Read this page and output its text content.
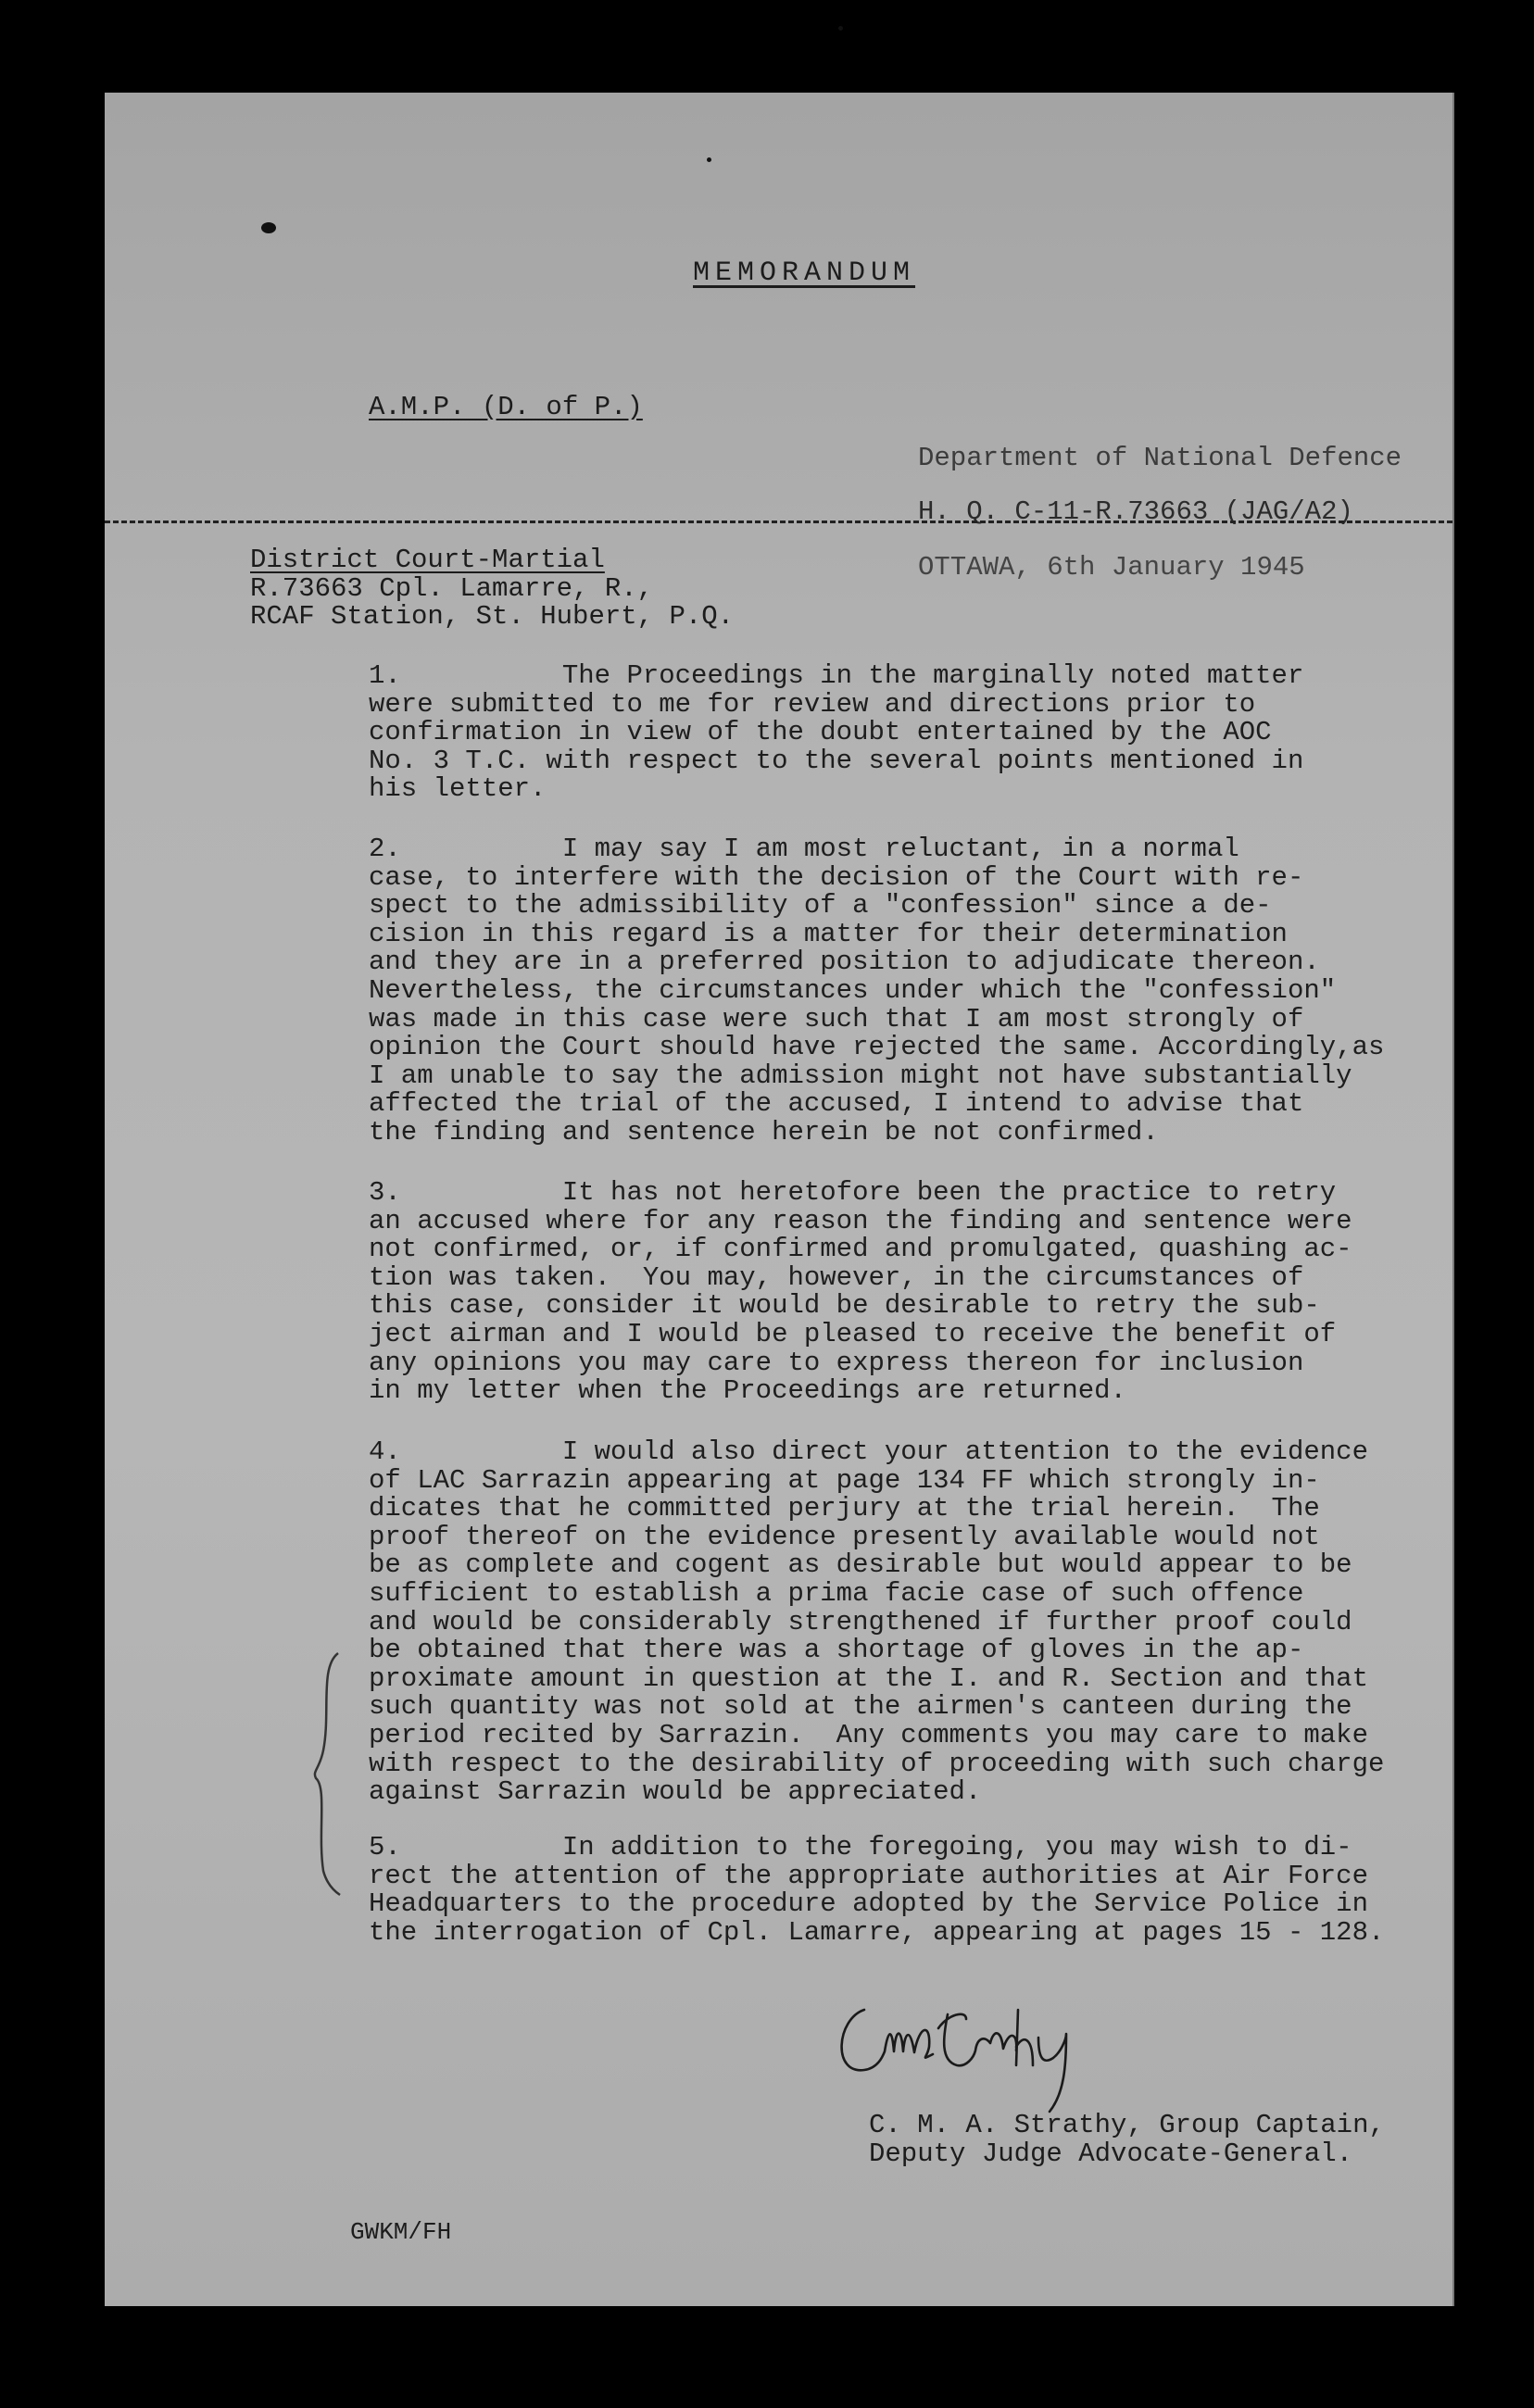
MEMORANDUM
A.M.P. (D. of P.)
Department of National Defence
H. Q. C-11-R.73663 (JAG/A2)
OTTAWA, 6th January 1945
District Court-Martial
R.73663 Cpl. Lamarre, R.,
RCAF Station, St. Hubert, P.Q.
1.          The Proceedings in the marginally noted matter
were submitted to me for review and directions prior to
confirmation in view of the doubt entertained by the AOC
No. 3 T.C. with respect to the several points mentioned in
his letter.
2.          I may say I am most reluctant, in a normal
case, to interfere with the decision of the Court with re-
spect to the admissibility of a "confession" since a de-
cision in this regard is a matter for their determination
and they are in a preferred position to adjudicate thereon.
Nevertheless, the circumstances under which the "confession"
was made in this case were such that I am most strongly of
opinion the Court should have rejected the same. Accordingly,as
I am unable to say the admission might not have substantially
affected the trial of the accused, I intend to advise that
the finding and sentence herein be not confirmed.
3.          It has not heretofore been the practice to retry
an accused where for any reason the finding and sentence were
not confirmed, or, if confirmed and promulgated, quashing ac-
tion was taken.  You may, however, in the circumstances of
this case, consider it would be desirable to retry the sub-
ject airman and I would be pleased to receive the benefit of
any opinions you may care to express thereon for inclusion
in my letter when the Proceedings are returned.
4.          I would also direct your attention to the evidence
of LAC Sarrazin appearing at page 134 FF which strongly in-
dicates that he committed perjury at the trial herein.  The
proof thereof on the evidence presently available would not
be as complete and cogent as desirable but would appear to be
sufficient to establish a prima facie case of such offence
and would be considerably strengthened if further proof could
be obtained that there was a shortage of gloves in the ap-
proximate amount in question at the I. and R. Section and that
such quantity was not sold at the airmen's canteen during the
period recited by Sarrazin.  Any comments you may care to make
with respect to the desirability of proceeding with such charge
against Sarrazin would be appreciated.
5.          In addition to the foregoing, you may wish to di-
rect the attention of the appropriate authorities at Air Force
Headquarters to the procedure adopted by the Service Police in
the interrogation of Cpl. Lamarre, appearing at pages 15 - 128.
C. M. A. Strathy, Group Captain,
Deputy Judge Advocate-General.
GWKM/FH
